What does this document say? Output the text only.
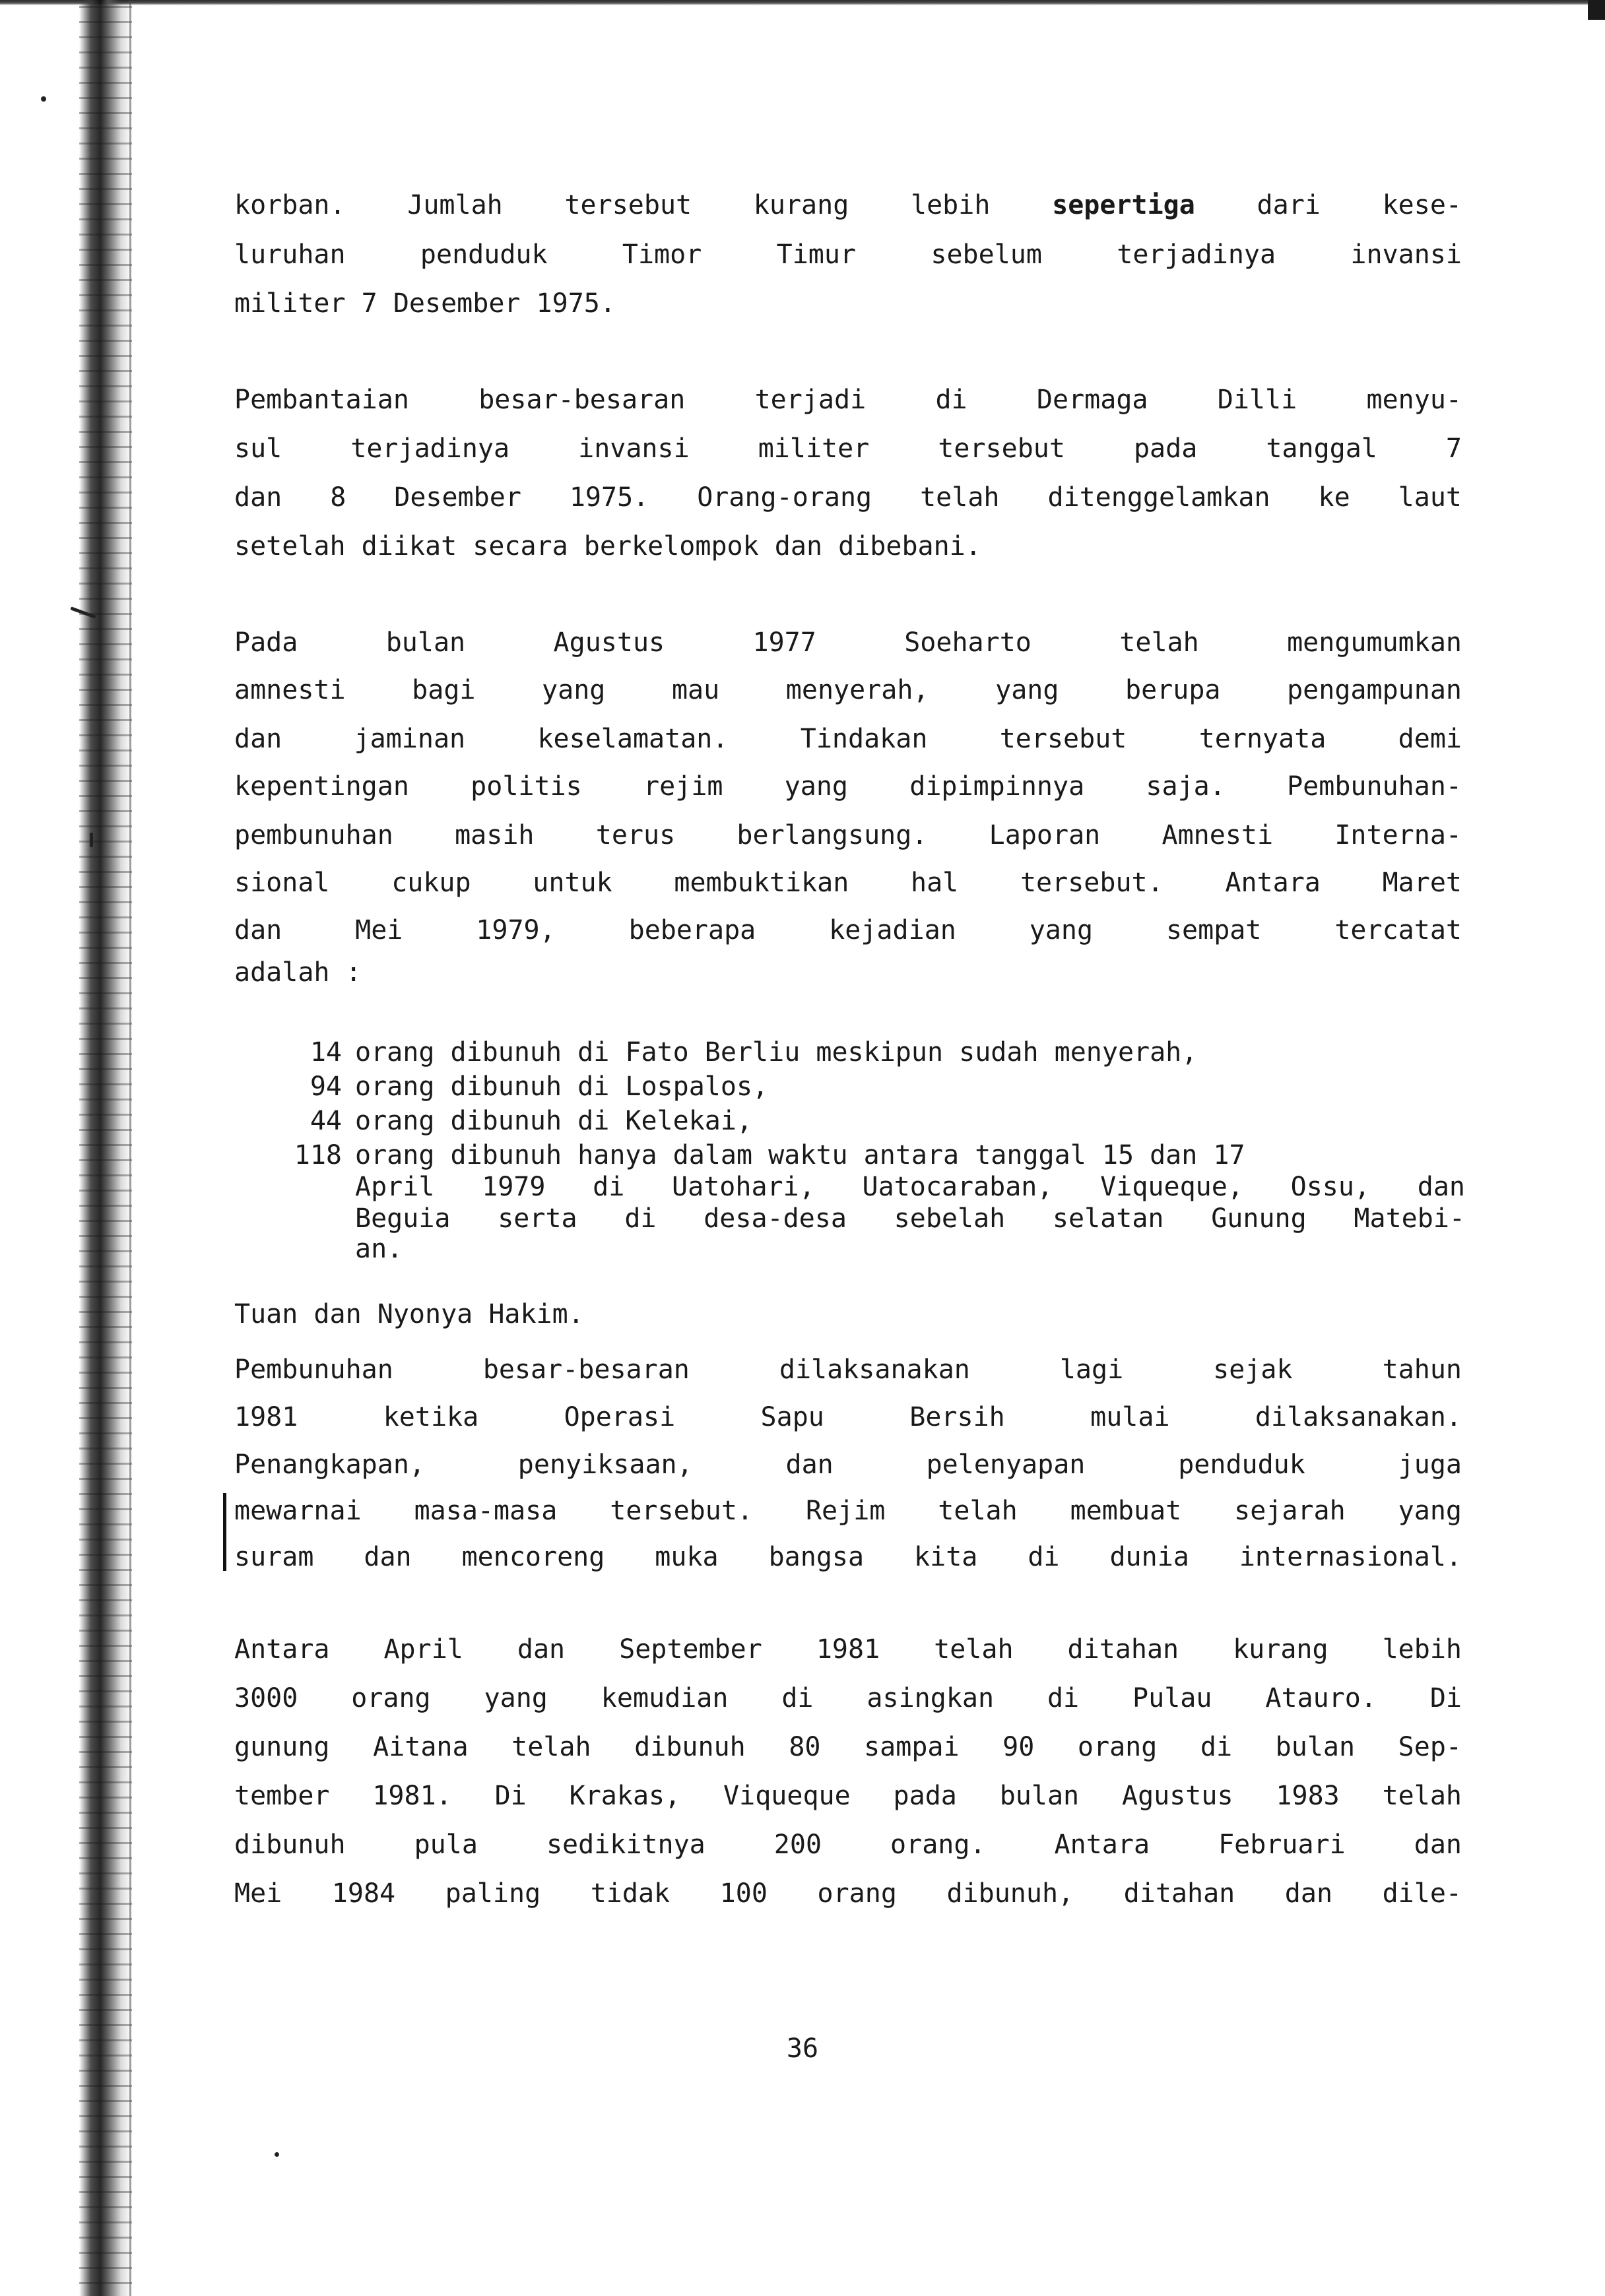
korban. Jumlah tersebut kurang lebih sepertiga dari kese-

luruhan penduduk Timor Timur sebelum terjadinya invansi

militer 7 Desember 1975.

Pembantaian besar-besaran terjadi di Dermaga Dilli menyu-

sul terjadinya invansi militer tersebut pada tanggal 7

dan 8 Desember 1975. Orang-orang telah ditenggelamkan ke laut

setelah diikat secara berkelompok dan dibebani.

Pada bulan Agustus 1977 Soeharto telah mengumumkan

amnesti bagi yang mau menyerah, yang berupa pengampunan

dan jaminan keselamatan. Tindakan tersebut ternyata demi

kepentingan politis rejim yang dipimpinnya saja. Pembunuhan-

pembunuhan masih terus berlangsung. Laporan Amnesti Interna-

sional cukup untuk membuktikan hal tersebut. Antara Maret

dan Mei 1979, beberapa kejadian yang sempat tercatat

adalah :

14 orang dibunuh di Fato Berliu meskipun sudah menyerah,
94 orang dibunuh di Lospalos,
44 orang dibunuh di Kelekai,
118 orang dibunuh hanya dalam waktu antara tanggal 15 dan 17

April 1979 di Uatohari, Uatocaraban, Viqueque, Ossu, dan

Beguia serta di desa-desa sebelah selatan Gunung Matebi-

an.

Tuan dan Nyonya Hakim.

Pembunuhan besar-besaran dilaksanakan lagi sejak tahun

1981 ketika Operasi Sapu Bersih mulai dilaksanakan.

Penangkapan, penyiksaan, dan pelenyapan penduduk juga

mewarnai masa-masa tersebut. Rejim telah membuat sejarah yang

suram dan mencoreng muka bangsa kita di dunia internasional.

Antara April dan September 1981 telah ditahan kurang lebih

3000 orang yang kemudian di asingkan di Pulau Atauro. Di

gunung Aitana telah dibunuh 80 sampai 90 orang di bulan Sep-

tember 1981. Di Krakas, Viqueque pada bulan Agustus 1983 telah

dibunuh pula sedikitnya 200 orang. Antara Februari dan

Mei 1984 paling tidak 100 orang dibunuh, ditahan dan dile-

36
